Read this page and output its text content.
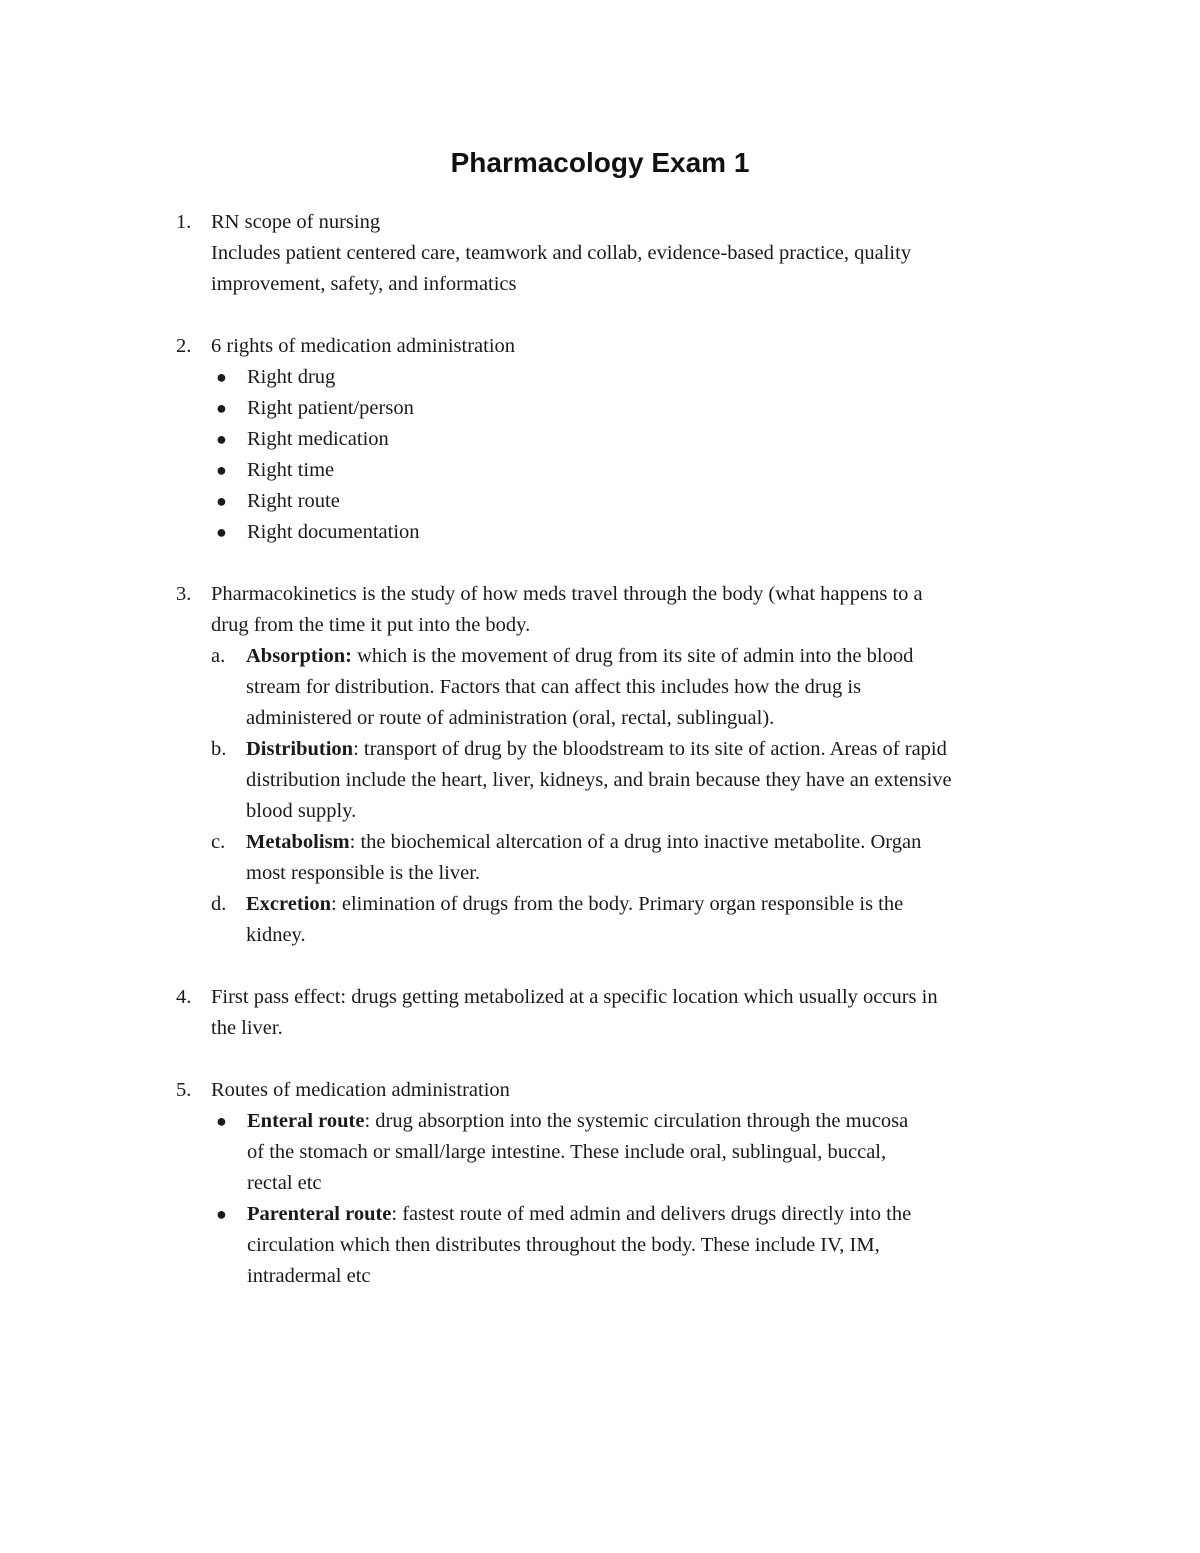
Pharmacology Exam 1
1. RN scope of nursing
Includes patient centered care, teamwork and collab, evidence-based practice, quality
improvement, safety, and informatics
2. 6 rights of medication administration
● Right drug
● Right patient/person
● Right medication
● Right time
● Right route
● Right documentation
3. Pharmacokinetics is the study of how meds travel through the body (what happens to a
drug from the time it put into the body.
a. Absorption: which is the movement of drug from its site of admin into the blood
stream for distribution. Factors that can affect this includes how the drug is
administered or route of administration (oral, rectal, sublingual).
b. Distribution: transport of drug by the bloodstream to its site of action. Areas of rapid
distribution include the heart, liver, kidneys, and brain because they have an extensive
blood supply.
c. Metabolism: the biochemical altercation of a drug into inactive metabolite. Organ
most responsible is the liver.
d. Excretion: elimination of drugs from the body. Primary organ responsible is the
kidney.
4. First pass effect: drugs getting metabolized at a specific location which usually occurs in
the liver.
5. Routes of medication administration
● Enteral route: drug absorption into the systemic circulation through the mucosa
of the stomach or small/large intestine. These include oral, sublingual, buccal,
rectal etc
● Parenteral route: fastest route of med admin and delivers drugs directly into the
circulation which then distributes throughout the body. These include IV, IM,
intradermal etc
